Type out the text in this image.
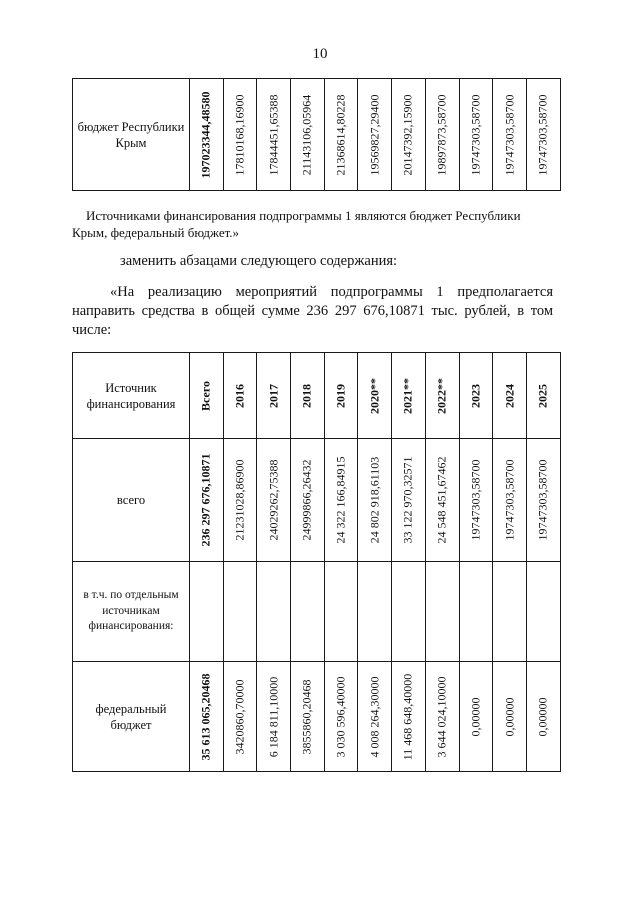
10
бюджет Республики Крым	197023344,48580	17810168,16900	17844451,65388	21143106,05964	21368614,80228	19569827,29400	20147392,15900	19897873,58700	19747303,58700	19747303,58700	19747303,58700

Источниками финансирования подпрограммы 1 являются бюджет Республики Крым, федеральный бюджет.»

заменить абзацами следующего содержания:

«На реализацию мероприятий подпрограммы 1 предполагается направить средства в общей сумме 236 297 676,10871 тыс. рублей, в том числе:

Источник финансирования	Всего	2016	2017	2018	2019	2020**	2021**	2022**	2023	2024	2025

всего	236 297 676,10871	21231028,86900	24029262,75388	24999866,26432	24 322 166,84915	24 802 918,61103	33 122 970,32571	24 548 451,67462	19747303,58700	19747303,58700	19747303,58700

в т.ч. по отдельным источникам финансирования:											

федеральный бюджет	35 613 065,20468	3420860,70000	6 184 811,10000	3855860,20468	3 030 596,40000	4 008 264,30000	11 468 648,40000	3 644 024,10000	0,00000	0,00000	0,00000
